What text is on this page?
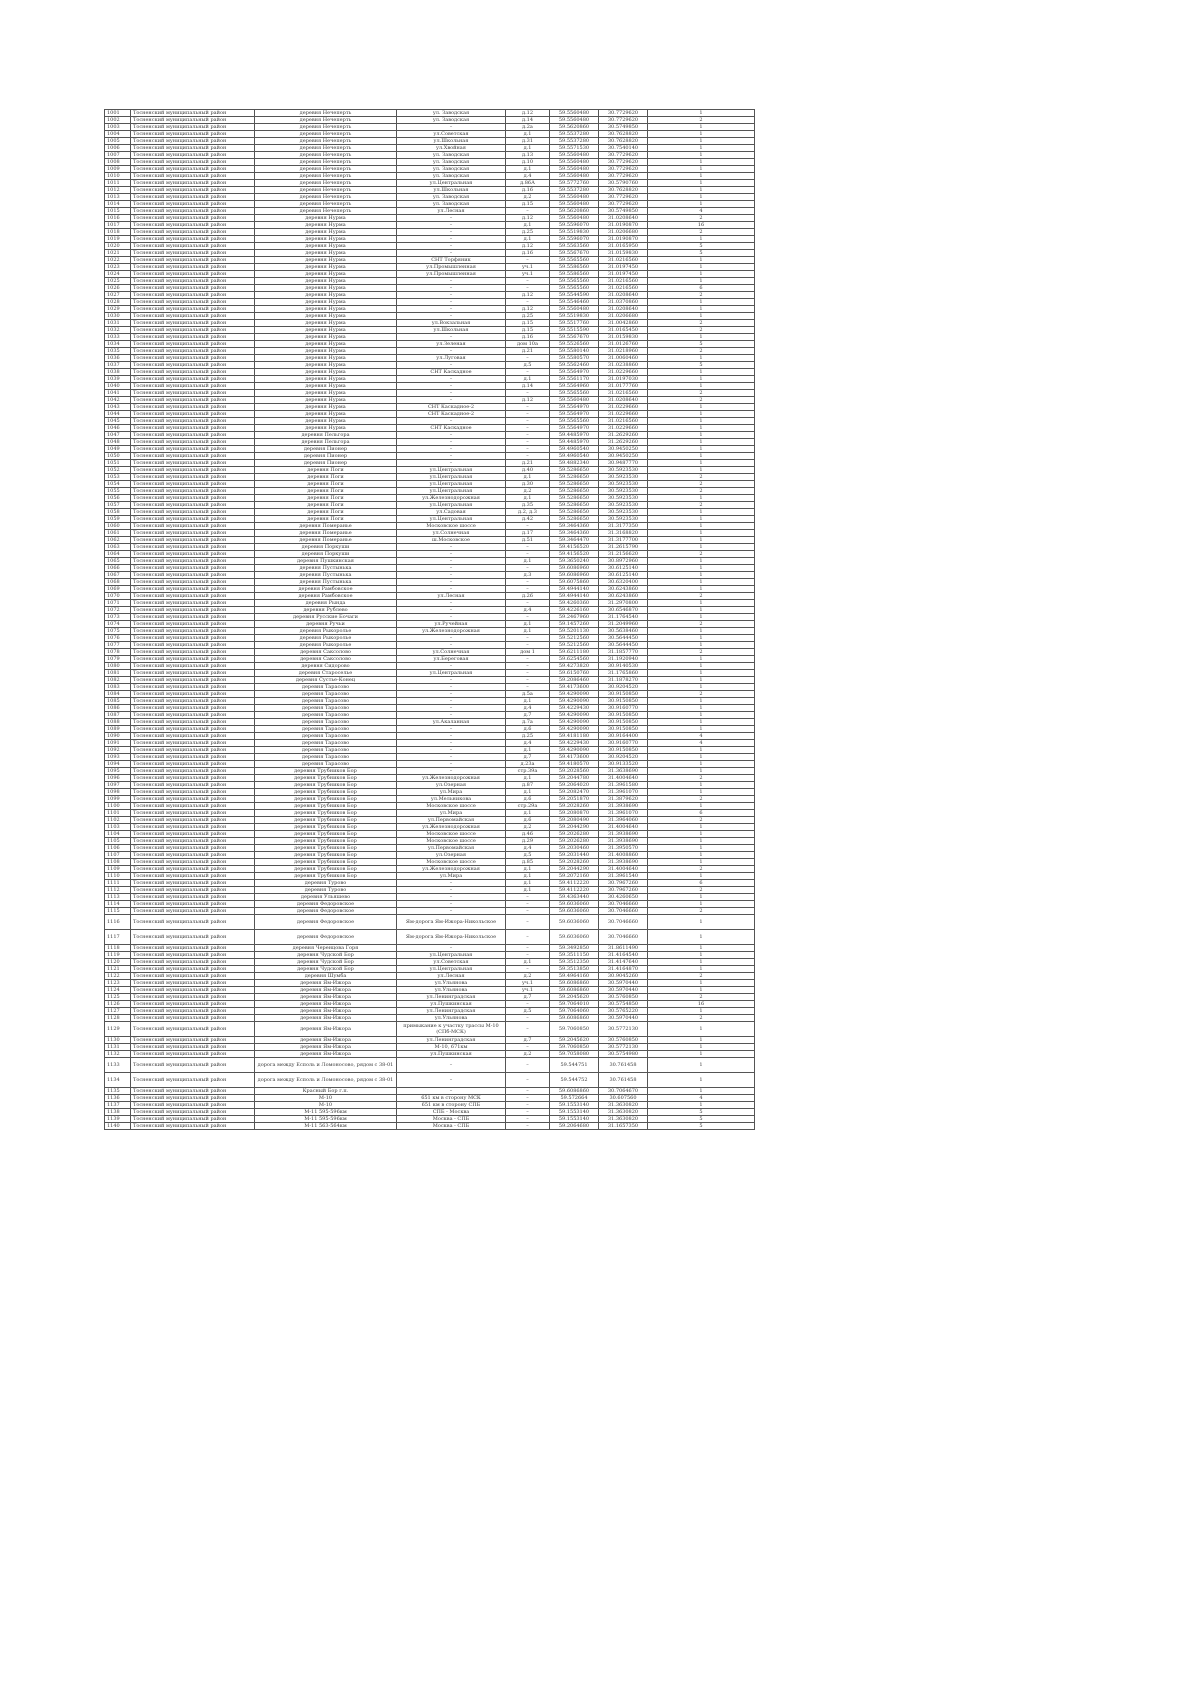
1001	Тосненский муниципальный район	деревня Нечеперть	ул. Заводская	д.12	59.5560480	30.7729620	1
1002	Тосненский муниципальный район	деревня Нечеперть	ул. Заводская	д.14	59.5560480	30.7729620	2
1003	Тосненский муниципальный район	деревня Нечеперть	–	д.2а	59.5620860	30.5749850	1
1004	Тосненский муниципальный район	деревня Нечеперть	ул.Советская	д.1	59.5537280	30.7628820	1
1005	Тосненский муниципальный район	деревня Нечеперть	ул.Школьная	д.31	59.5537280	30.7628820	1
1006	Тосненский муниципальный район	деревня Нечеперть	ул.Хвойная	д.1	59.5571530	30.7540140	1
1007	Тосненский муниципальный район	деревня Нечеперть	ул. Заводская	д.13	59.5560480	30.7729620	1
1008	Тосненский муниципальный район	деревня Нечеперть	ул. Заводская	д.10	59.5560480	30.7729620	1
1009	Тосненский муниципальный район	деревня Нечеперть	ул. Заводская	д.1	59.5560480	30.7729620	1
1010	Тосненский муниципальный район	деревня Нечеперть	ул. Заводская	д.4	59.5560480	30.7729620	1
1011	Тосненский муниципальный район	деревня Нечеперть	ул.Центральная	д.86А	59.5772760	30.5790760	1
1012	Тосненский муниципальный район	деревня Нечеперть	ул.Школьная	д.16	59.5537280	30.7628820	1
1013	Тосненский муниципальный район	деревня Нечеперть	ул. Заводская	д.2	59.5560480	30.7729620	1
1014	Тосненский муниципальный район	деревня Нечеперть	ул. Заводская	д.15	59.5560480	30.7729620	1
1015	Тосненский муниципальный район	деревня Нечеперть	ул.Лесная	–	59.5620860	30.5749850	4
1016	Тосненский муниципальный район	деревня Нурма	–	д.12	59.5560480	31.0208640	2
1017	Тосненский муниципальный район	деревня Нурма	–	д.1	59.5596070	31.0190870	16
1018	Тосненский муниципальный район	деревня Нурма	–	д.25	59.5519830	31.0206680	2
1019	Тосненский муниципальный район	деревня Нурма	–	д.1	59.5596070	31.0190870	1
1020	Тосненский муниципальный район	деревня Нурма	–	д.12	59.5563560	31.0165950	5
1021	Тосненский муниципальный район	деревня Нурма	–	д.16	59.5567670	31.0159830	5
1022	Тосненский муниципальный район	деревня Нурма	СНТ Торфяник	–	59.5565560	31.0216560	1
1023	Тосненский муниципальный район	деревня Нурма	ул.Промышленная	уч.1	59.5586560	31.0197450	1
1024	Тосненский муниципальный район	деревня Нурма	ул.Промышленная	уч.1	59.5586560	31.0197450	1
1025	Тосненский муниципальный район	деревня Нурма	–	–	59.5565560	31.0216560	1
1026	Тосненский муниципальный район	деревня Нурма	–	–	59.5565560	31.0216560	6
1027	Тосненский муниципальный район	деревня Нурма	–	д.12	59.5544590	31.0208640	2
1028	Тосненский муниципальный район	деревня Нурма	–	–	59.5546460	31.0370860	1
1029	Тосненский муниципальный район	деревня Нурма	–	д.12	59.5560480	31.0208640	1
1030	Тосненский муниципальный район	деревня Нурма	–	д.25	59.5519830	31.0206680	1
1031	Тосненский муниципальный район	деревня Нурма	ул.Вокзальная	д.15	59.5517760	31.0042860	2
1032	Тосненский муниципальный район	деревня Нурма	ул.Школьная	д.15	59.5515590	31.0165450	2
1033	Тосненский муниципальный район	деревня Нурма	–	д.16	59.5567670	31.0159830	1
1034	Тосненский муниципальный район	деревня Нурма	ул.Зеленая	дом 10а	59.5526560	31.0126760	5
1035	Тосненский муниципальный район	деревня Нурма	–	д.21	59.5580140	31.0218960	2
1036	Тосненский муниципальный район	деревня Нурма	ул.Луговая	–	59.5580570	31.0060460	1
1037	Тосненский муниципальный район	деревня Нурма	–	д.5	59.5562460	31.0238860	5
1038	Тосненский муниципальный район	деревня Нурма	СНТ Каскадное	–	59.5564970	31.0229660	1
1039	Тосненский муниципальный район	деревня Нурма	–	д.1	59.5561170	31.0197030	1
1040	Тосненский муниципальный район	деревня Нурма	–	д.14	59.5564960	31.0177760	1
1041	Тосненский муниципальный район	деревня Нурма	–	–	59.5565560	31.0216560	2
1042	Тосненский муниципальный район	деревня Нурма	–	д.12	59.5560480	31.0208640	2
1043	Тосненский муниципальный район	деревня Нурма	СНТ Каскадное-2	–	59.5564970	31.0229660	1
1044	Тосненский муниципальный район	деревня Нурма	СНТ Каскадное-2	–	59.5564970	31.0229660	1
1045	Тосненский муниципальный район	деревня Нурма	–	–	59.5565560	31.0216560	1
1046	Тосненский муниципальный район	деревня Нурма	СНТ Каскадное	–	59.5564970	31.0229660	1
1047	Тосненский муниципальный район	деревня Пельгора	–	–	59.4485970	31.2629260	1
1048	Тосненский муниципальный район	деревня Пельгора	–	–	59.4485970	31.2629260	1
1049	Тосненский муниципальный район	деревня Пионер	–	–	59.4960540	30.9450250	1
1050	Тосненский муниципальный район	деревня Пионер	–	–	59.4960540	30.9450250	1
1051	Тосненский муниципальный район	деревня Пионер	–	д.21	59.4882340	30.9487770	1
1052	Тосненский муниципальный район	деревня Поги	ул.Центральная	д.40	59.5286650	30.5923530	1
1053	Тосненский муниципальный район	деревня Поги	ул.Центральная	д.1	59.5286650	30.5923530	2
1054	Тосненский муниципальный район	деревня Поги	ул.Центральная	д.30	59.5286650	30.5923530	2
1055	Тосненский муниципальный район	деревня Поги	ул.Центральная	д.2	59.5286650	30.5923530	2
1056	Тосненский муниципальный район	деревня Поги	ул.Железнодорожная	д.1	59.5286650	30.5923530	1
1057	Тосненский муниципальный район	деревня Поги	ул.Центральная	д.35	59.5286650	30.5923530	2
1058	Тосненский муниципальный район	деревня Поги	ул.Садовая	д.2, д.3	59.5286650	30.5923530	1
1059	Тосненский муниципальный район	деревня Поги	ул.Центральная	д.42	59.5286650	30.5923530	1
1060	Тосненский муниципальный район	деревня Померанье	Московское шоссе	–	59.3464360	31.3177350	1
1061	Тосненский муниципальный район	деревня Померанье	ул.Солнечная	д.17	59.3464360	31.3168820	1
1062	Тосненский муниципальный район	деревня Померанье	ш.Московское	д.51	59.3464470	31.3177700	1
1063	Тосненский муниципальный район	деревня Поркуши	–	–	59.4156520	31.2615790	1
1064	Тосненский муниципальный район	деревня Поркуши	–	–	59.4156520	31.2156620	2
1065	Тосненский муниципальный район	деревня Пушкинская	–	д.1	59.3650240	30.8972960	1
1066	Тосненский муниципальный район	деревня Пустынька	–	–	59.6086960	30.6125140	1
1067	Тосненский муниципальный район	деревня Пустынька	–	д.3	59.6086960	30.6125140	1
1068	Тосненский муниципальный район	деревня Пустынька	–	–	59.6075860	30.6320400	1
1069	Тосненский муниципальный район	деревня Рамбовское	–	–	59.4944140	30.6243860	1
1070	Тосненский муниципальный район	деревня Рамбовское	ул.Лесная	д.26	59.4944140	30.6243860	2
1071	Тосненский муниципальный район	деревня Рында	–	–	59.4260360	31.2970800	1
1072	Тосненский муниципальный район	деревня Рублево	–	д.4	59.4226160	30.6546870	1
1073	Тосненский муниципальный район	деревня Русские Бочаги	–	–	59.2467960	31.1764540	1
1074	Тосненский муниципальный район	деревня Ручьи	ул.Ручейная	д.1	59.1457260	31.2049960	2
1075	Тосненский муниципальный район	деревня Рыкоролье	ул.Железнодорожная	д.1	59.5201130	30.5638460	1
1076	Тосненский муниципальный район	деревня Рыкоролье	–	–	59.5212560	30.5644450	1
1077	Тосненский муниципальный район	деревня Рыкоролье	–	–	59.5212560	30.5644450	1
1078	Тосненский муниципальный район	деревня Саксолово	ул.Солнечная	дом 1	59.6211180	31.1857770	2
1079	Тосненский муниципальный район	деревня Саксолово	ул.Береговая	–	59.6254560	31.1920940	1
1080	Тосненский муниципальный район	деревня Сидорово	–	–	59.4273820	30.9140530	1
1081	Тосненский муниципальный район	деревня Староселье	ул.Центральная	–	59.6150760	31.1765860	1
1082	Тосненский муниципальный район	деревня Сустье-Конец	–	–	59.2086460	31.1878270	1
1083	Тосненский муниципальный район	деревня Тарасово	–	–	59.4173600	30.9204520	1
1084	Тосненский муниципальный район	деревня Тарасово	–	д.5а	59.4290090	30.9150850	2
1085	Тосненский муниципальный район	деревня Тарасово	–	д.1	59.4290090	30.9150850	1
1086	Тосненский муниципальный район	деревня Тарасово	–	д.4	59.4229430	30.9160770	1
1087	Тосненский муниципальный район	деревня Тарасово	–	д.7	59.4290090	30.9150850	1
1088	Тосненский муниципальный район	деревня Тарасово	ул.Акаланная	д.7а	59.4290090	30.9150850	1
1089	Тосненский муниципальный район	деревня Тарасово	–	д.6	59.4290090	30.9150850	1
1090	Тосненский муниципальный район	деревня Тарасово	–	д.25	59.4181180	30.9164400	4
1091	Тосненский муниципальный район	деревня Тарасово	–	д.4	59.4229430	30.9160770	4
1092	Тосненский муниципальный район	деревня Тарасово	–	д.1	59.4290090	30.9150850	1
1093	Тосненский муниципальный район	деревня Тарасово	–	д.7	59.4173600	30.9204520	1
1094	Тосненский муниципальный район	деревня Тарасово	–	д.23а	59.4180570	30.9133520	1
1095	Тосненский муниципальный район	деревня Трубников Бор	–	стр.39а	59.2028560	31.3638690	1
1096	Тосненский муниципальный район	деревня Трубников Бор	ул.Железнодорожная	д.1	59.2044780	31.4004640	2
1097	Тосненский муниципальный район	деревня Трубников Бор	ул.Озерная	д.87	59.2064020	31.3961580	1
1098	Тосненский муниципальный район	деревня Трубников Бор	ул.Мира	д.1	59.2082470	31.3961070	1
1099	Тосненский муниципальный район	деревня Трубников Бор	ул.Мельникова	д.6	59.2051870	31.3879620	2
1100	Тосненский муниципальный район	деревня Трубников Бор	Московское шоссе	стр.29а	59.2028260	31.3938690	1
1101	Тосненский муниципальный район	деревня Трубников Бор	ул.Мира	д.1	59.2080870	31.3961070	6
1102	Тосненский муниципальный район	деревня Трубников Бор	ул.Первомайская	д.6	59.2080490	31.3964060	2
1103	Тосненский муниципальный район	деревня Трубников Бор	ул.Железнодорожная	д.2	59.2044290	31.4004640	1
1104	Тосненский муниципальный район	деревня Трубников Бор	Московское шоссе	д.46	59.2026280	31.3938690	1
1105	Тосненский муниципальный район	деревня Трубников Бор	Московское шоссе	д.29	59.2026280	31.3938690	1
1106	Тосненский муниципальный район	деревня Трубников Бор	ул.Первомайская	д.4	59.2030460	31.3950570	1
1107	Тосненский муниципальный район	деревня Трубников Бор	ул.Озерная	д.5	59.2031440	31.4008860	1
1108	Тосненский муниципальный район	деревня Трубников Бор	Московское шоссе	д.85	59.2028260	31.3938690	1
1109	Тосненский муниципальный район	деревня Трубников Бор	ул.Железнодорожная	д.1	59.2044290	31.4004640	2
1110	Тосненский муниципальный район	деревня Трубников Бор	ул.Мира	д.1	59.2072160	31.3961540	1
1111	Тосненский муниципальный район	деревня Турово	–	д.1	59.4112220	30.7967260	6
1112	Тосненский муниципальный район	деревня Турово	–	д.1	59.4112220	30.7967260	2
1113	Тосненский муниципальный район	деревня Ульяшево	–	–	59.4363440	30.4260650	1
1114	Тосненский муниципальный район	деревня Федоровское	–	–	59.6036060	30.7046660	1
1115	Тосненский муниципальный район	деревня Федоровское	–	–	59.6036060	30.7046660	2
1116	Тосненский муниципальный район	деревня Федоровское	Ям-дорога Ям-Ижора-Никольское	–	59.6036060	30.7046660	1
1117	Тосненский муниципальный район	деревня Федоровское	Ям-дорога Ям-Ижора-Никольское	–	59.6036060	30.7046660	1
1118	Тосненский муниципальный район	деревня Черенцова Горя	–	–	59.3492850	31.8611490	1
1119	Тосненский муниципальный район	деревня Чудской Бор	ул.Центральная	–	59.3511150	31.4164540	1
1120	Тосненский муниципальный район	деревня Чудской Бор	ул.Советская	д.1	59.3512350	31.4147640	1
1121	Тосненский муниципальный район	деревня Чудской Бор	ул.Центральная	–	59.3513850	31.4164870	1
1122	Тосненский муниципальный район	деревня Шумба	ул.Лесная	д.2	59.4964160	30.9045260	2
1123	Тосненский муниципальный район	деревня Ям-Ижора	ул.Ульянова	уч.1	59.6086860	30.5970440	1
1124	Тосненский муниципальный район	деревня Ям-Ижора	ул.Ульянова	уч.1	59.6086860	30.5970440	1
1125	Тосненский муниципальный район	деревня Ям-Ижора	ул.Ленинградская	д.7	59.2045620	30.5760850	2
1126	Тосненский муниципальный район	деревня Ям-Ижора	ул.Пушкинская	–	59.7064010	30.5754850	16
1127	Тосненский муниципальный район	деревня Ям-Ижора	ул.Ленинградская	д.5	59.7064060	30.5765220	1
1128	Тосненский муниципальный район	деревня Ям-Ижора	ул.Ульянова	–	59.6086860	30.5970440	2
1129	Тосненский муниципальный район	деревня Ям-Ижора	примыкание к участку трассы М-10 (СПб-МСК)	–	59.7060850	30.5772130	1
1130	Тосненский муниципальный район	деревня Ям-Ижора	ул.Ленинградская	д.7	59.2045620	30.5760850	1
1131	Тосненский муниципальный район	деревня Ям-Ижора	М-10, 671км	–	59.7060850	30.5772130	1
1132	Тосненский муниципальный район	деревня Ям-Ижора	ул.Пушкинская	д.2	59.7058080	30.5754980	1
1133	Тосненский муниципальный район	дорога между Есполь и Ломоносово, рядом с 38-01	–	–	59.544751	30.761458	1
1134	Тосненский муниципальный район	дорога между Есполь и Ломоносово, рядом с 38-01	–	–	59.544752	30.761458	1
1135	Тосненский муниципальный район	Красный Бор г.п.	–	–	59.6086860	30.7064670	1
1136	Тосненский муниципальный район	М-10	651 км в сторону МСК	–	59.572664	30.607560	4
1137	Тосненский муниципальный район	М-10	651 км в сторону СПБ	–	59.1553140	31.3630820	1
1138	Тосненский муниципальный район	М-11 595-596км	СПБ - Москва	–	59.1553140	31.3630820	5
1139	Тосненский муниципальный район	М-11 595-596км	Москва - СПБ	–	59.1553140	31.3630820	5
1140	Тосненский муниципальный район	М-11 563-564км	Москва - СПБ	–	59.2064680	31.1657350	5
